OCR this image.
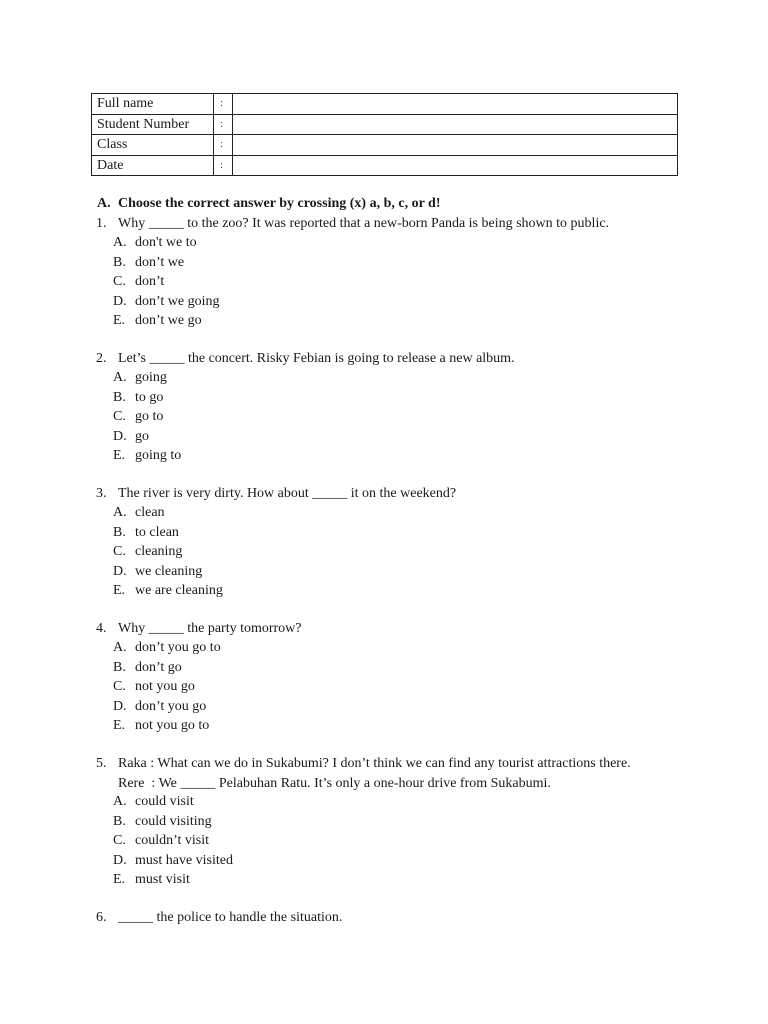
Full name	:	
Student Number	:	
Class	:	
Date	:	
A. Choose the correct answer by crossing (x) a, b, c, or d!
1. Why _____ to the zoo? It was reported that a new-born Panda is being shown to public.
A. don't we to
B. don’t we
C. don’t
D. don’t we going
E. don’t we go
2. Let’s _____ the concert. Risky Febian is going to release a new album.
A. going
B. to go
C. go to
D. go
E. going to
3. The river is very dirty. How about _____ it on the weekend?
A. clean
B. to clean
C. cleaning
D. we cleaning
E. we are cleaning
4. Why _____ the party tomorrow?
A. don’t you go to
B. don’t go
C. not you go
D. don’t you go
E. not you go to
5. Raka : What can we do in Sukabumi? I don’t think we can find any tourist attractions there.
Rere  : We _____ Pelabuhan Ratu. It’s only a one-hour drive from Sukabumi.
A. could visit
B. could visiting
C. couldn’t visit
D. must have visited
E. must visit
6. _____ the police to handle the situation.
